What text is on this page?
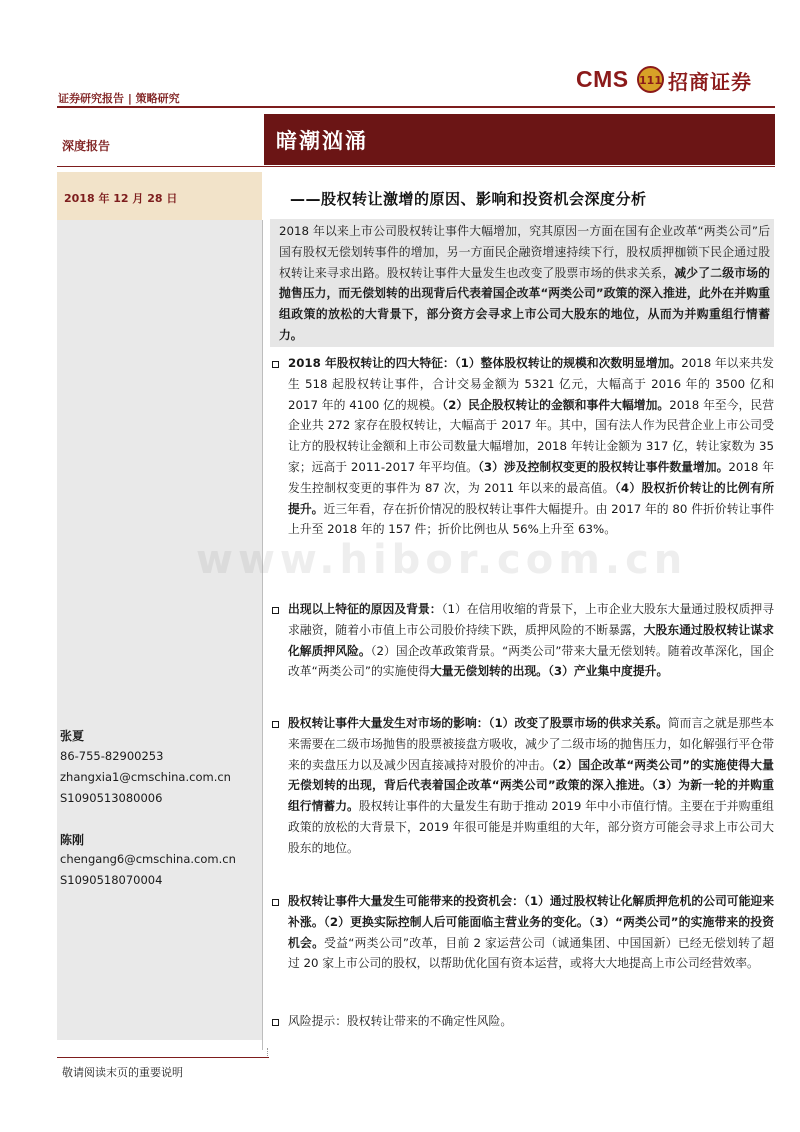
证券研究报告 | 策略研究
CMS 111 招商证券
深度报告	暗潮汹涌
2018 年 12 月 28 日	——股权转让激增的原因、影响和投资机会深度分析
张夏
86-755-82900253
zhangxia1@cmschina.com.cn
S1090513080006
陈刚
chengang6@cmschina.com.cn
S1090518070004
2018 年以来上市公司股权转让事件大幅增加，究其原因一方面在国有企业改革“两类公司”后国有股权无偿划转事件的增加，另一方面民企融资增速持续下行，股权质押枷锁下民企通过股权转让来寻求出路。股权转让事件大量发生也改变了股票市场的供求关系，减少了二级市场的抛售压力，而无偿划转的出现背后代表着国企改革“两类公司”政策的深入推进，此外在并购重组政策的放松的大背景下，部分资方会寻求上市公司大股东的地位，从而为并购重组行情蓄力。
2018 年股权转让的四大特征：（1）整体股权转让的规模和次数明显增加。2018 年以来共发生 518 起股权转让事件，合计交易金额为 5321 亿元，大幅高于 2016 年的 3500 亿和 2017 年的 4100 亿的规模。（2）民企股权转让的金额和事件大幅增加。2018 年至今，民营企业共 272 家存在股权转让，大幅高于 2017 年。其中，国有法人作为民营企业上市公司受让方的股权转让金额和上市公司数量大幅增加，2018 年转让金额为 317 亿，转让家数为 35 家；远高于 2011-2017 年平均值。（3）涉及控制权变更的股权转让事件数量增加。2018 年发生控制权变更的事件为 87 次，为 2011 年以来的最高值。（4）股权折价转让的比例有所提升。近三年看，存在折价情况的股权转让事件大幅提升。由 2017 年的 80 件折价转让事件上升至 2018 年的 157 件；折价比例也从 56%上升至 63%。
出现以上特征的原因及背景：（1）在信用收缩的背景下，上市企业大股东大量通过股权质押寻求融资，随着小市值上市公司股价持续下跌，质押风险的不断暴露，大股东通过股权转让谋求化解质押风险。（2）国企改革政策背景。“两类公司”带来大量无偿划转。随着改革深化，国企改革“两类公司”的实施使得大量无偿划转的出现。（3）产业集中度提升。
股权转让事件大量发生对市场的影响：（1）改变了股票市场的供求关系。简而言之就是那些本来需要在二级市场抛售的股票被接盘方吸收，减少了二级市场的抛售压力，如化解强行平仓带来的卖盘压力以及减少因直接减持对股价的冲击。（2）国企改革“两类公司”的实施使得大量无偿划转的出现，背后代表着国企改革“两类公司”政策的深入推进。（3）为新一轮的并购重组行情蓄力。股权转让事件的大量发生有助于推动 2019 年中小市值行情。主要在于并购重组政策的放松的大背景下，2019 年很可能是并购重组的大年，部分资方可能会寻求上市公司大股东的地位。
股权转让事件大量发生可能带来的投资机会：（1）通过股权转让化解质押危机的公司可能迎来补涨。（2）更换实际控制人后可能面临主营业务的变化。（3）“两类公司”的实施带来的投资机会。受益“两类公司”改革，目前 2 家运营公司（诚通集团、中国国新）已经无偿划转了超过 20 家上市公司的股权，以帮助优化国有资本运营，或将大大地提高上市公司经营效率。
风险提示：股权转让带来的不确定性风险。
www.hibor.com.cn
敬请阅读末页的重要说明
